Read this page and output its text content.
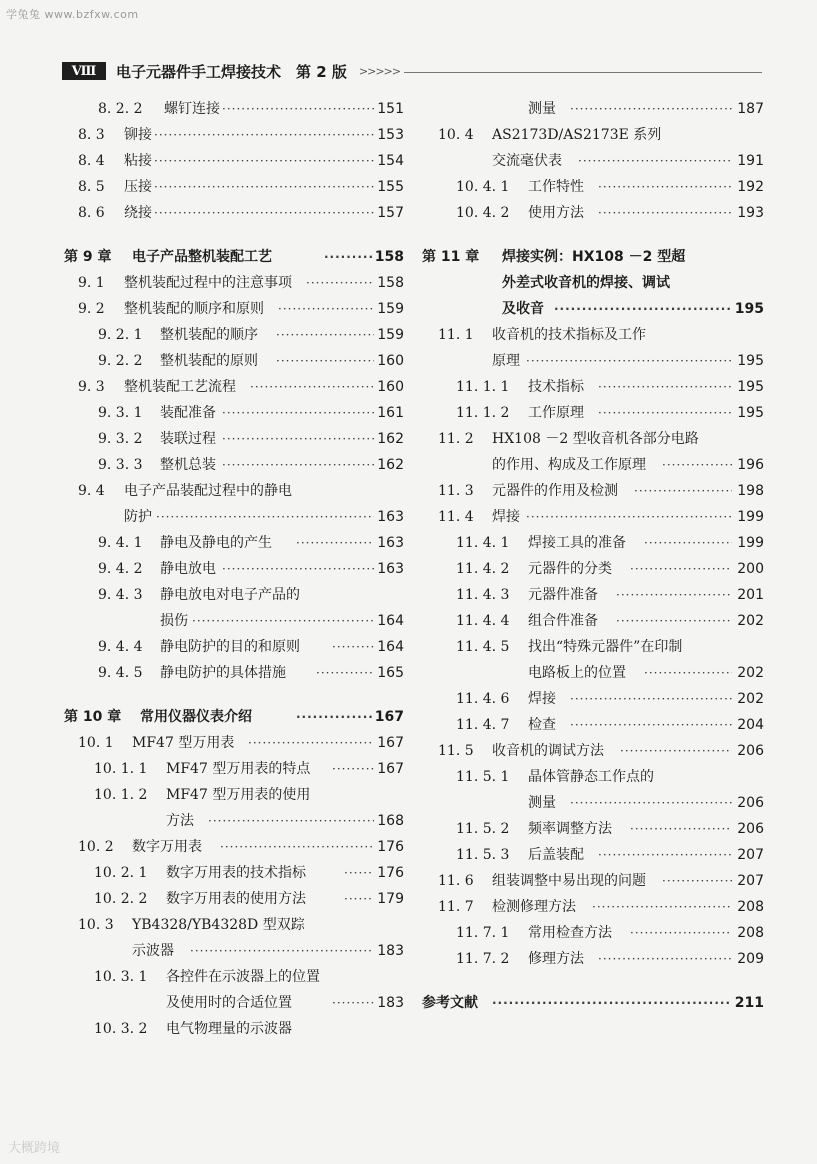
学兔兔 www.bzfxw.com
Ⅷ	电子元器件手工焊接技术　第 2 版 >>>>>
8. 2. 2 螺钉连接 ·····	151
8. 3 铆接 ·····	153
8. 4 粘接 ·····	154
8. 5 压接 ·····	155
8. 6 绕接 ·····	157
第 9 章 电子产品整机装配工艺 ·····	158
9. 1 整机装配过程中的注意事项 ·····	158
9. 2 整机装配的顺序和原则 ·····	159
9. 2. 1 整机装配的顺序 ·····	159
9. 2. 2 整机装配的原则 ·····	160
9. 3 整机装配工艺流程 ·····	160
9. 3. 1 装配准备 ·····	161
9. 3. 2 装联过程 ·····	162
9. 3. 3 整机总装 ·····	162
9. 4 电子产品装配过程中的静电
防护 ·····	163
9. 4. 1 静电及静电的产生 ·····	163
9. 4. 2 静电放电 ·····	163
9. 4. 3 静电放电对电子产品的
损伤 ·····	164
9. 4. 4 静电防护的目的和原则 ·····	164
9. 4. 5 静电防护的具体措施 ·····	165
第 10 章 常用仪器仪表介绍 ·····	167
10. 1 MF47 型万用表 ·····	167
10. 1. 1 MF47 型万用表的特点 ·····	167
10. 1. 2 MF47 型万用表的使用
方法 ·····	168
10. 2 数字万用表 ·····	176
10. 2. 1 数字万用表的技术指标 ·····	176
10. 2. 2 数字万用表的使用方法 ·····	179
10. 3 YB4328/YB4328D 型双踪
示波器 ·····	183
10. 3. 1 各控件在示波器上的位置
及使用时的合适位置 ·····	183
10. 3. 2 电气物理量的示波器
测量 ·····	187
10. 4 AS2173D/AS2173E 系列
交流毫伏表 ·····	191
10. 4. 1 工作特性 ·····	192
10. 4. 2 使用方法 ·····	193
第 11 章 焊接实例：HX108 －2 型超
外差式收音机的焊接、调试
及收音 ·····	195
11. 1 收音机的技术指标及工作
原理 ·····	195
11. 1. 1 技术指标 ·····	195
11. 1. 2 工作原理 ·····	195
11. 2 HX108 －2 型收音机各部分电路
的作用、构成及工作原理 ·····	196
11. 3 元器件的作用及检测 ·····	198
11. 4 焊接 ·····	199
11. 4. 1 焊接工具的准备 ·····	199
11. 4. 2 元器件的分类 ·····	200
11. 4. 3 元器件准备 ·····	201
11. 4. 4 组合件准备 ·····	202
11. 4. 5 找出“特殊元器件”在印制
电路板上的位置 ·····	202
11. 4. 6 焊接 ·····	202
11. 4. 7 检查 ·····	204
11. 5 收音机的调试方法 ·····	206
11. 5. 1 晶体管静态工作点的
测量 ·····	206
11. 5. 2 频率调整方法 ·····	206
11. 5. 3 后盖装配 ·····	207
11. 6 组装调整中易出现的问题 ·····	207
11. 7 检测修理方法 ·····	208
11. 7. 1 常用检查方法 ·····	208
11. 7. 2 修理方法 ·····	209
参考文献 ·····	211
大概跨境
